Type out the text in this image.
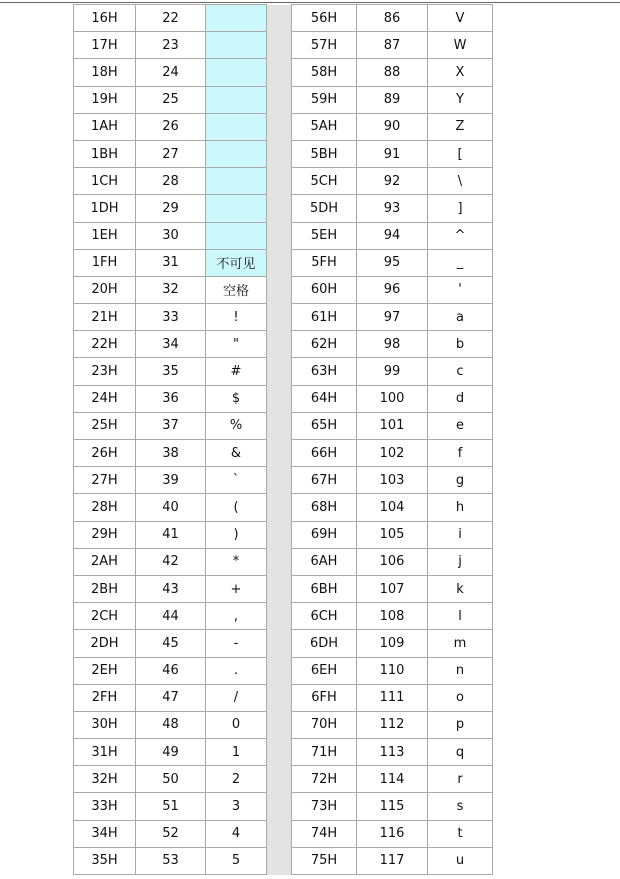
16H	22			56H	86	V
17H	23			57H	87	W
18H	24			58H	88	X
19H	25			59H	89	Y
1AH	26			5AH	90	Z
1BH	27			5BH	91	[
1CH	28			5CH	92	\
1DH	29			5DH	93	]
1EH	30			5EH	94	^
1FH	31	不可见		5FH	95	_
20H	32	空格		60H	96	'
21H	33	!		61H	97	a
22H	34	"		62H	98	b
23H	35	#		63H	99	c
24H	36	$		64H	100	d
25H	37	%		65H	101	e
26H	38	&		66H	102	f
27H	39	`		67H	103	g
28H	40	(		68H	104	h
29H	41	)		69H	105	i
2AH	42	*		6AH	106	j
2BH	43	+		6BH	107	k
2CH	44	,		6CH	108	l
2DH	45	-		6DH	109	m
2EH	46	.		6EH	110	n
2FH	47	/		6FH	111	o
30H	48	0		70H	112	p
31H	49	1		71H	113	q
32H	50	2		72H	114	r
33H	51	3		73H	115	s
34H	52	4		74H	116	t
35H	53	5		75H	117	u
